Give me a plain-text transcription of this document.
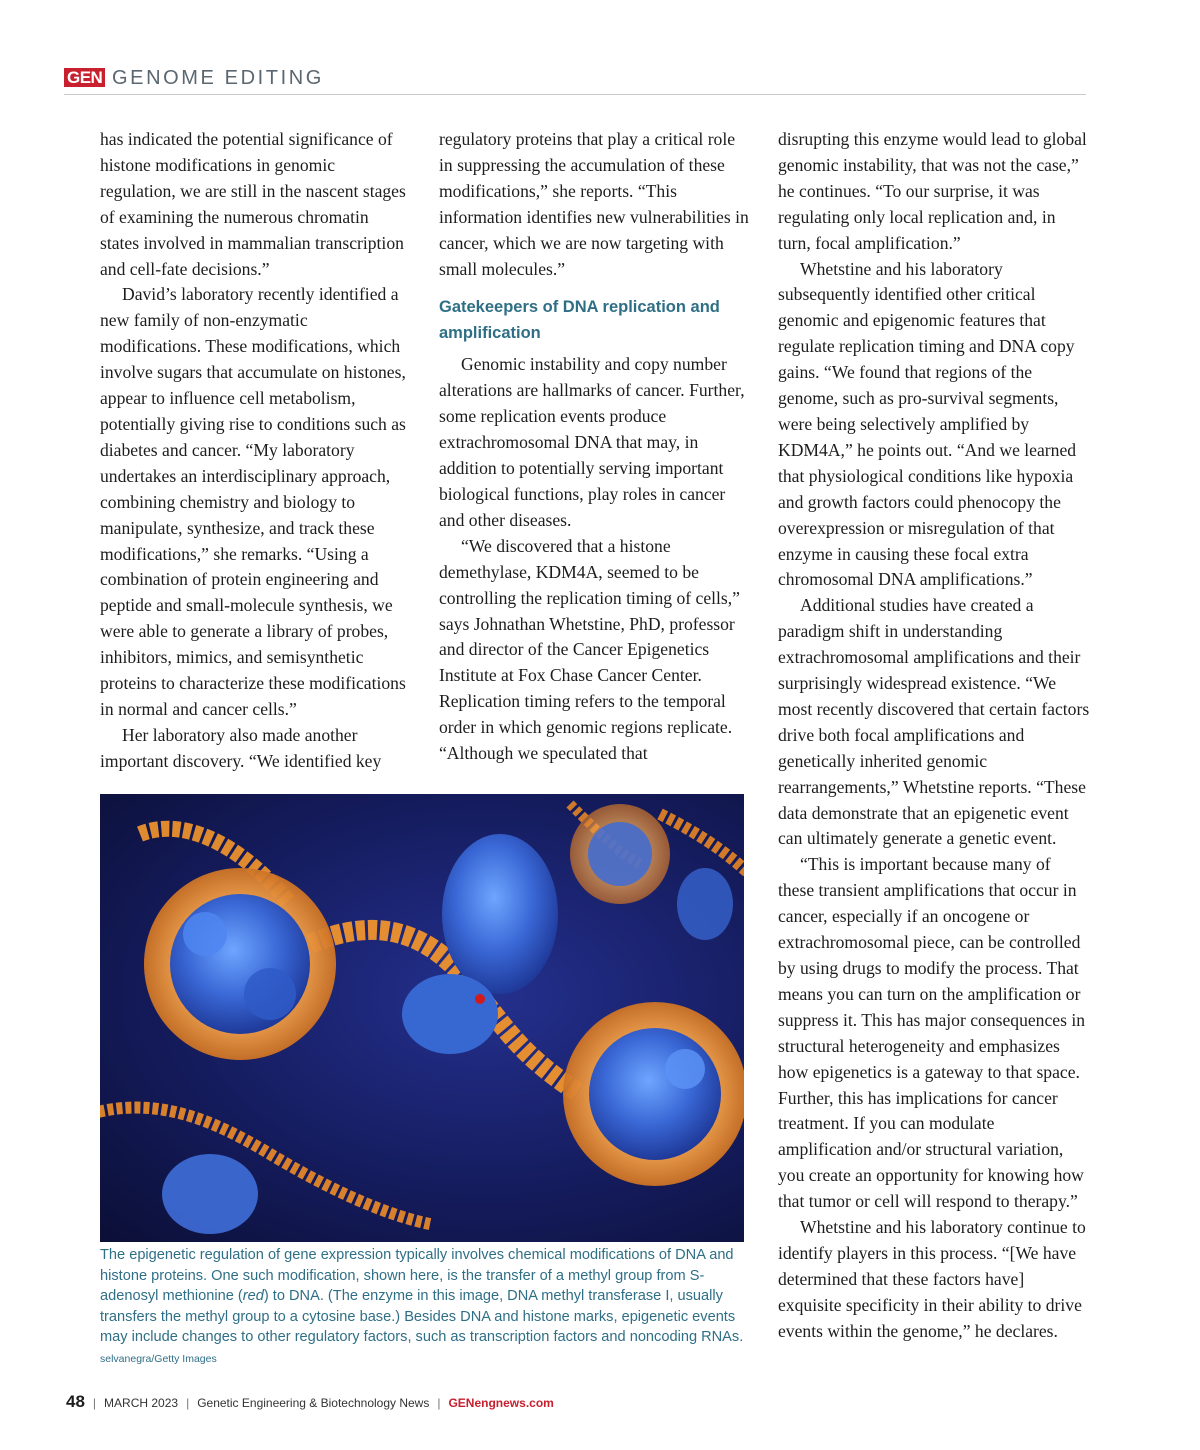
GEN GENOME EDITING

has indicated the potential significance of histone modifications in genomic regulation, we are still in the nascent stages of examining the numerous chromatin states involved in mammalian transcription and cell-fate decisions.”

David’s laboratory recently identified a new family of non-enzymatic modifications. These modifications, which involve sugars that accumulate on histones, appear to influence cell metabolism, potentially giving rise to conditions such as diabetes and cancer. “My laboratory undertakes an interdisciplinary approach, combining chemistry and biology to manipulate, synthesize, and track these modifications,” she remarks. “Using a combination of protein engineering and peptide and small-molecule synthesis, we were able to generate a library of probes, inhibitors, mimics, and semisynthetic proteins to characterize these modifications in normal and cancer cells.”

Her laboratory also made another important discovery. “We identified key

regulatory proteins that play a critical role in suppressing the accumulation of these modifications,” she reports. “This information identifies new vulnerabilities in cancer, which we are now targeting with small molecules.”

Gatekeepers of DNA replication and amplification

Genomic instability and copy number alterations are hallmarks of cancer. Further, some replication events produce extrachromosomal DNA that may, in addition to potentially serving important biological functions, play roles in cancer and other diseases.

“We discovered that a histone demethylase, KDM4A, seemed to be controlling the replication timing of cells,” says Johnathan Whetstine, PhD, professor and director of the Cancer Epigenetics Institute at Fox Chase Cancer Center. Replication timing refers to the temporal order in which genomic regions replicate. “Although we speculated that

disrupting this enzyme would lead to global genomic instability, that was not the case,” he continues. “To our surprise, it was regulating only local replication and, in turn, focal amplification.”

Whetstine and his laboratory subsequently identified other critical genomic and epigenomic features that regulate replication timing and DNA copy gains. “We found that regions of the genome, such as pro-survival segments, were being selectively amplified by KDM4A,” he points out. “And we learned that physiological conditions like hypoxia and growth factors could phenocopy the overexpression or misregulation of that enzyme in causing these focal extra chromosomal DNA amplifications.”

Additional studies have created a paradigm shift in understanding extrachromosomal amplifications and their surprisingly widespread existence. “We most recently discovered that certain factors drive both focal amplifications and genetically inherited genomic rearrangements,” Whetstine reports. “These data demonstrate that an epigenetic event can ultimately generate a genetic event.

“This is important because many of these transient amplifications that occur in cancer, especially if an oncogene or extrachromosomal piece, can be controlled by using drugs to modify the process. That means you can turn on the amplification or suppress it. This has major consequences in structural heterogeneity and emphasizes how epigenetics is a gateway to that space. Further, this has implications for cancer treatment. If you can modulate amplification and/or structural variation, you create an opportunity for knowing how that tumor or cell will respond to therapy.”

Whetstine and his laboratory continue to identify players in this process. “[We have determined that these factors have] exquisite specificity in their ability to drive events within the genome,” he declares.

The epigenetic regulation of gene expression typically involves chemical modifications of DNA and histone proteins. One such modification, shown here, is the transfer of a methyl group from S-adenosyl methionine (red) to DNA. (The enzyme in this image, DNA methyl transferase I, usually transfers the methyl group to a cytosine base.) Besides DNA and histone marks, epigenetic events may include changes to other regulatory factors, such as transcription factors and noncoding RNAs. selvanegra/Getty Images
48 | MARCH 2023 | Genetic Engineering & Biotechnology News | GENengnews.com
